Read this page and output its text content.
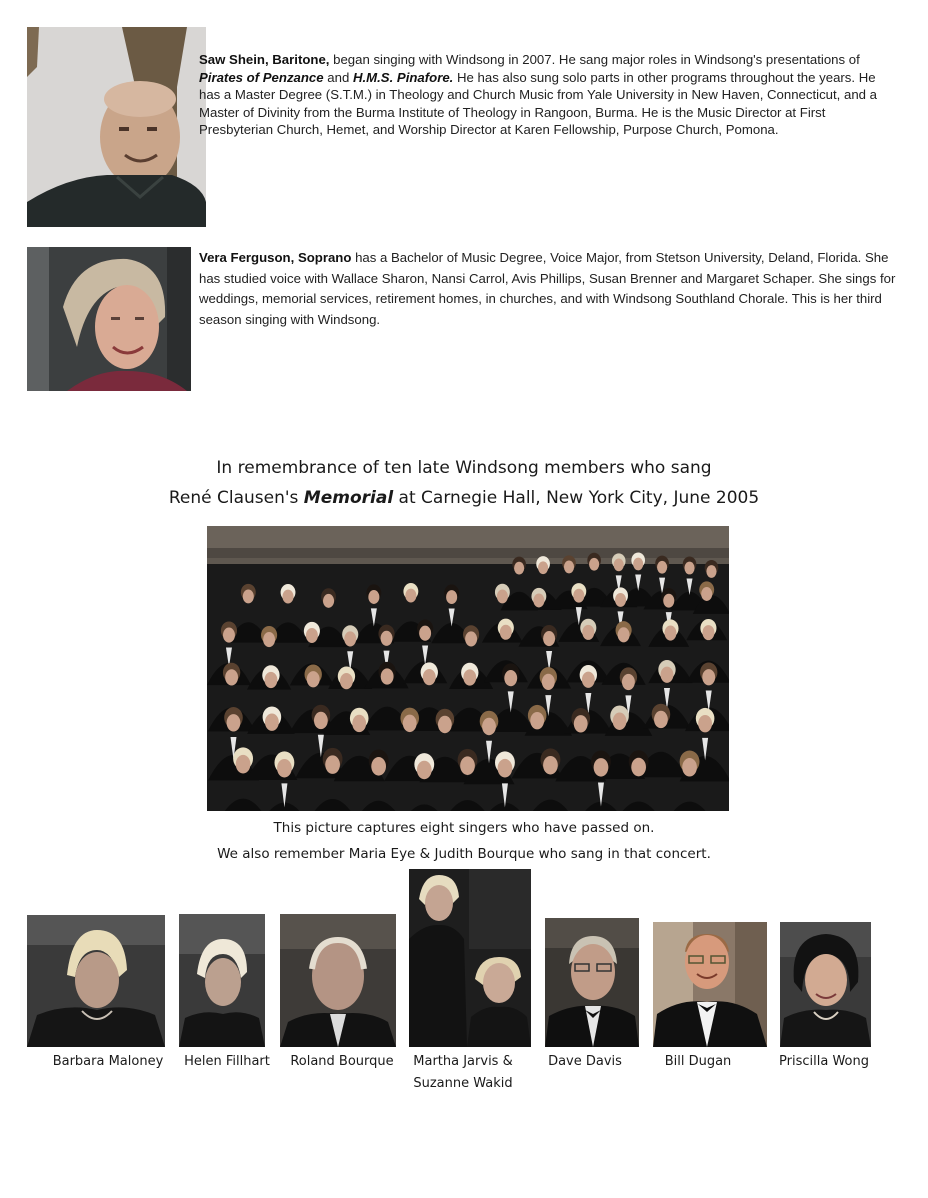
Saw Shein, Baritone, began singing with Windsong in 2007. He sang major roles in Windsong's presentations of Pirates of Penzance and H.M.S. Pinafore. He has also sung solo parts in other programs throughout the years. He has a Master Degree (S.T.M.) in Theology and Church Music from Yale University in New Haven, Connecticut, and a Master of Divinity from the Burma Institute of Theology in Rangoon, Burma. He is the Music Director at First Presbyterian Church, Hemet, and Worship Director at Karen Fellowship, Purpose Church, Pomona.
Vera Ferguson, Soprano has a Bachelor of Music Degree, Voice Major, from Stetson University, Deland, Florida. She has studied voice with Wallace Sharon, Nansi Carrol, Avis Phillips, Susan Brenner and Margaret Schaper. She sings for weddings, memorial services, retirement homes, in churches, and with Windsong Southland Chorale. This is her third season singing with Windsong.
In remembrance of ten late Windsong members who sang
René Clausen's Memorial at Carnegie Hall, New York City, June 2005
This picture captures eight singers who have passed on.
We also remember Maria Eye & Judith Bourque who sang in that concert.
Barbara Maloney	Helen Fillhart	Roland Bourque	Martha Jarvis &
Suzanne Wakid
Dave Davis	Bill Dugan	Priscilla Wong
